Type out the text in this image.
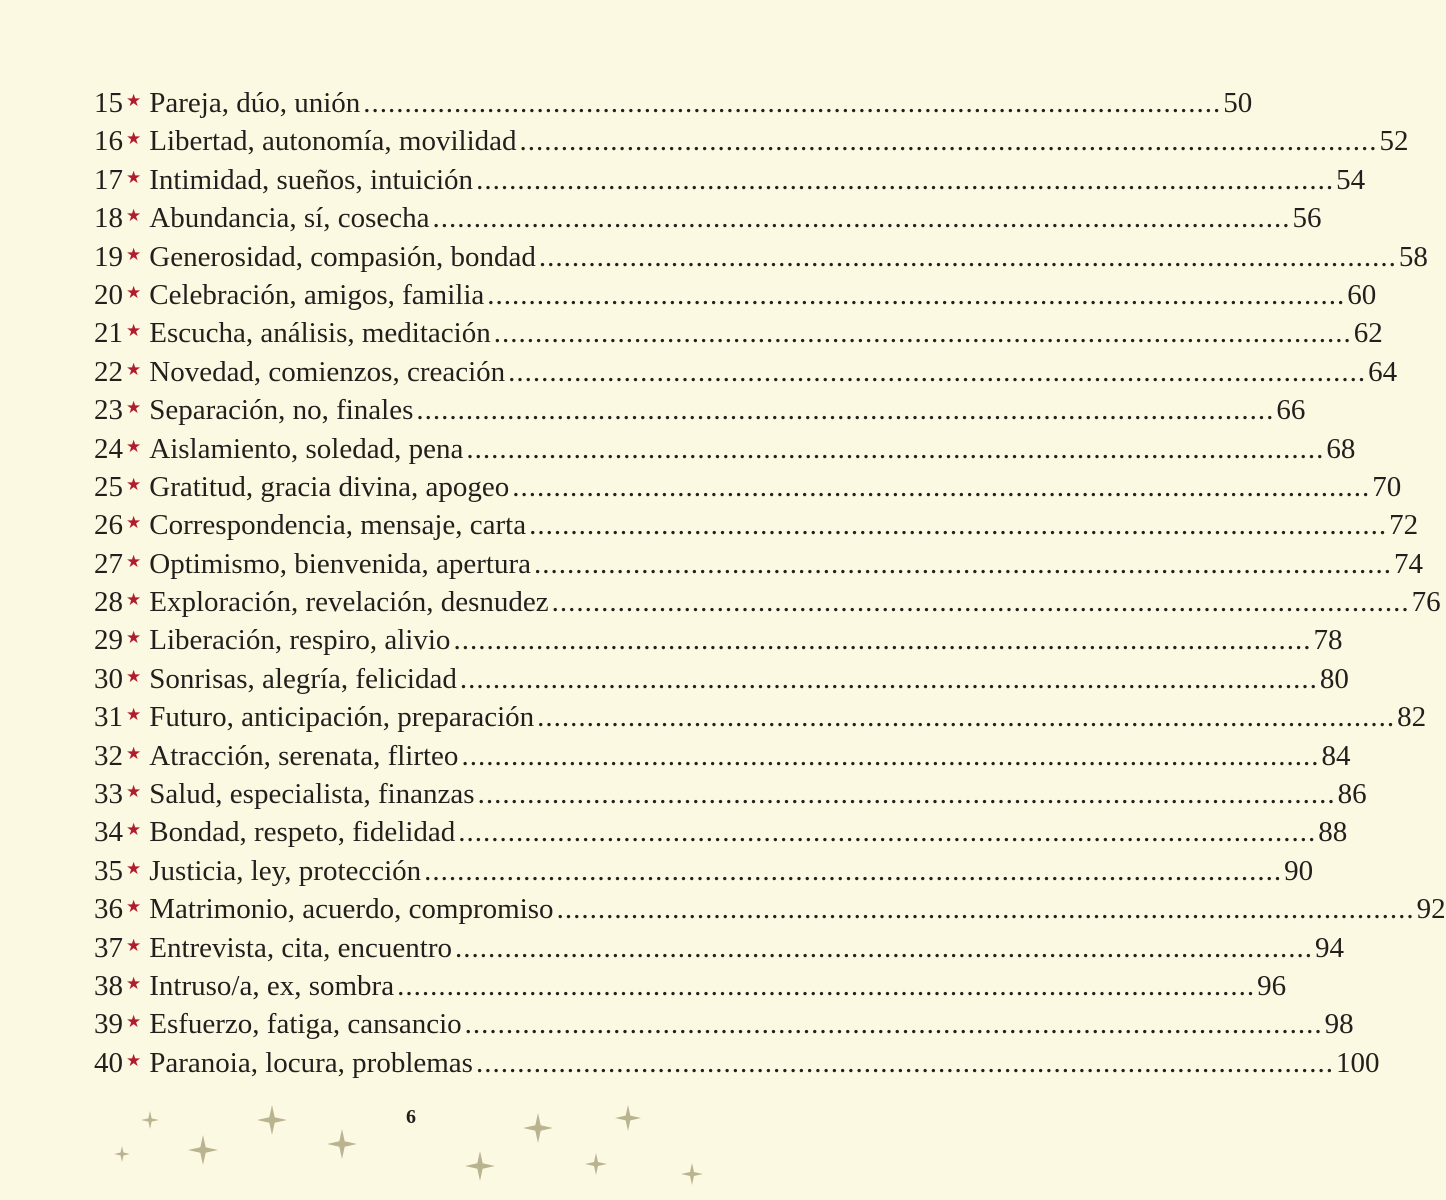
15 ★ Pareja, dúo, unión ........................................................................................................ 50
16 ★ Libertad, autonomía, movilidad ........................................................................................................ 52
17 ★ Intimidad, sueños, intuición ........................................................................................................ 54
18 ★ Abundancia, sí, cosecha ........................................................................................................ 56
19 ★ Generosidad, compasión, bondad ........................................................................................................ 58
20 ★ Celebración, amigos, familia ........................................................................................................ 60
21 ★ Escucha, análisis, meditación ........................................................................................................ 62
22 ★ Novedad, comienzos, creación ........................................................................................................ 64
23 ★ Separación, no, finales ........................................................................................................ 66
24 ★ Aislamiento, soledad, pena ........................................................................................................ 68
25 ★ Gratitud, gracia divina, apogeo ........................................................................................................ 70
26 ★ Correspondencia, mensaje, carta ........................................................................................................ 72
27 ★ Optimismo, bienvenida, apertura ........................................................................................................ 74
28 ★ Exploración, revelación, desnudez ........................................................................................................ 76
29 ★ Liberación, respiro, alivio ........................................................................................................ 78
30 ★ Sonrisas, alegría, felicidad ........................................................................................................ 80
31 ★ Futuro, anticipación, preparación ........................................................................................................ 82
32 ★ Atracción, serenata, flirteo ........................................................................................................ 84
33 ★ Salud, especialista, finanzas ........................................................................................................ 86
34 ★ Bondad, respeto, fidelidad ........................................................................................................ 88
35 ★ Justicia, ley, protección ........................................................................................................ 90
36 ★ Matrimonio, acuerdo, compromiso ........................................................................................................ 92
37 ★ Entrevista, cita, encuentro ........................................................................................................ 94
38 ★ Intruso/a, ex, sombra ........................................................................................................ 96
39 ★ Esfuerzo, fatiga, cansancio ........................................................................................................ 98
40 ★ Paranoia, locura, problemas ........................................................................................................ 100
6
